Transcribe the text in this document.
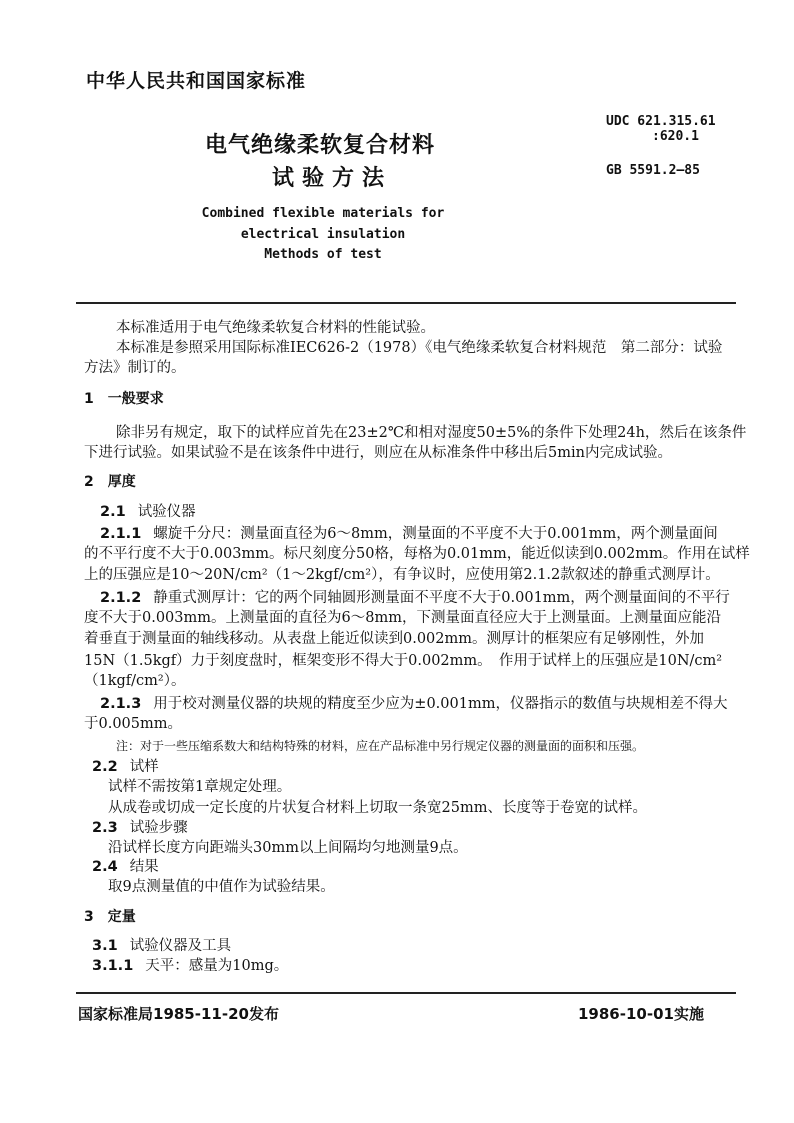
中华人民共和国国家标准
电气绝缘柔软复合材料
试验方法
UDC 621.315.61
:620.1
GB 5591.2—85
Combined flexible materials for
electrical insulation
Methods of test
本标准适用于电气绝缘柔软复合材料的性能试验。
本标准是参照采用国际标准IEC626-2（1978）《电气绝缘柔软复合材料规范　第二部分：试验
方法》制订的。
1　一般要求
除非另有规定，取下的试样应首先在23±2℃和相对湿度50±5%的条件下处理24h，然后在该条件
下进行试验。如果试验不是在该条件中进行，则应在从标准条件中移出后5min内完成试验。
2　厚度
2.1 试验仪器
2.1.1 螺旋千分尺：测量面直径为6～8mm，测量面的不平度不大于0.001mm，两个测量面间
的不平行度不大于0.003mm。标尺刻度分50格，每格为0.01mm，能近似读到0.002mm。作用在试样
上的压强应是10～20N/cm²（1～2kgf/cm²），有争议时，应使用第2.1.2款叙述的静重式测厚计。
2.1.2 静重式测厚计：它的两个同轴圆形测量面不平度不大于0.001mm，两个测量面间的不平行
度不大于0.003mm。上测量面的直径为6～8mm，下测量面直径应大于上测量面。上测量面应能沿
着垂直于测量面的轴线移动。从表盘上能近似读到0.002mm。测厚计的框架应有足够刚性，外加
15N（1.5kgf）力于刻度盘时，框架变形不得大于0.002mm。　作用于试样上的压强应是10N/cm²
（1kgf/cm²）。
2.1.3 用于校对测量仪器的块规的精度至少应为±0.001mm，仪器指示的数值与块规相差不得大
于0.005mm。
注：对于一些压缩系数大和结构特殊的材料，应在产品标准中另行规定仪器的测量面的面积和压强。
2.2 试样
试样不需按第1章规定处理。
从成卷或切成一定长度的片状复合材料上切取一条宽25mm、长度等于卷宽的试样。
2.3 试验步骤
沿试样长度方向距端头30mm以上间隔均匀地测量9点。
2.4 结果
取9点测量值的中值作为试验结果。
3　定量
3.1 试验仪器及工具
3.1.1 天平：感量为10mg。
国家标准局1985-11-20发布	1986-10-01实施
